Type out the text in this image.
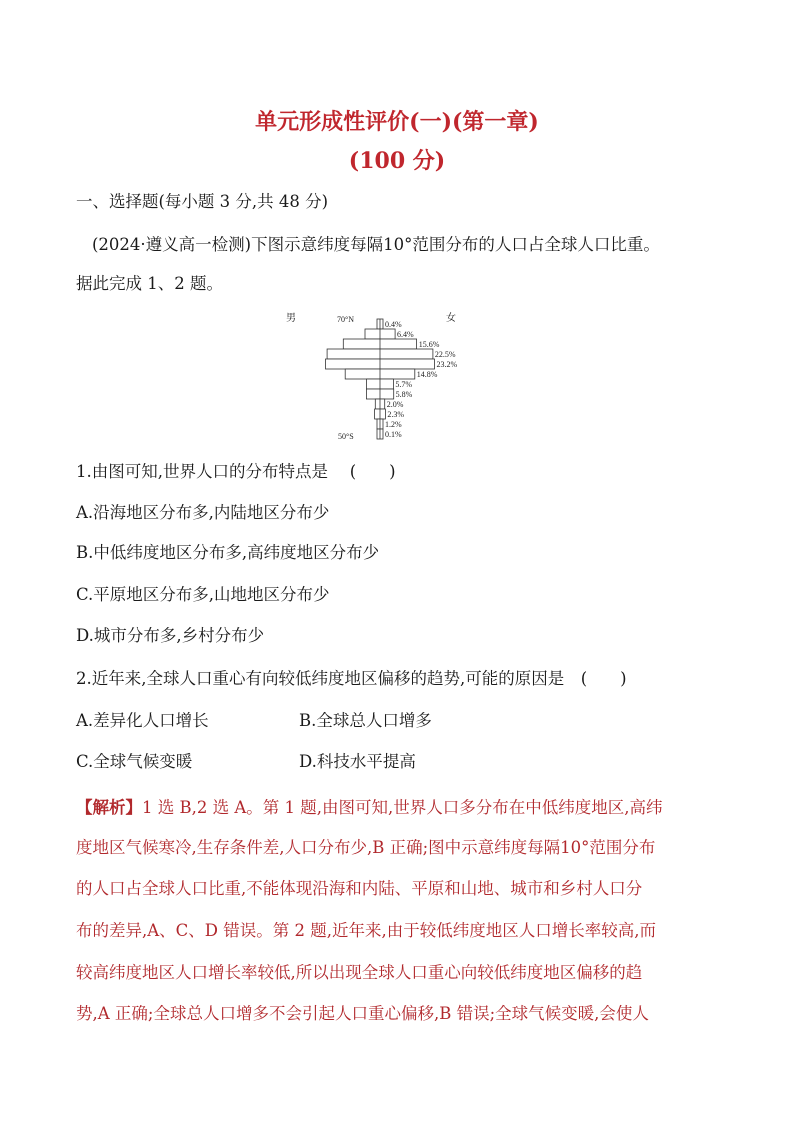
单元形成性评价(一)(第一章)
(100 分)
一、选择题(每小题 3 分,共 48 分)
(2024·遵义高一检测)下图示意纬度每隔10°范围分布的人口占全球人口比重。
据此完成 1、2 题。
男	女
70°N
50°S
0.4%
6.4%
15.6%
22.5%
23.2%
14.8%
5.7%
5.8%
2.0%
2.3%
1.2%
0.1%
1.由图可知,世界人口的分布特点是　 (　　)
A.沿海地区分布多,内陆地区分布少
B.中低纬度地区分布多,高纬度地区分布少
C.平原地区分布多,山地地区分布少
D.城市分布多,乡村分布少
2.近年来,全球人口重心有向较低纬度地区偏移的趋势,可能的原因是　(　　)
A.差异化人口增长	B.全球总人口增多
C.全球气候变暖	D.科技水平提高
【解析】1 选 B,2 选 A。第 1 题,由图可知,世界人口多分布在中低纬度地区,高纬
度地区气候寒冷,生存条件差,人口分布少,B 正确;图中示意纬度每隔10°范围分布
的人口占全球人口比重,不能体现沿海和内陆、平原和山地、城市和乡村人口分
布的差异,A、C、D 错误。第 2 题,近年来,由于较低纬度地区人口增长率较高,而
较高纬度地区人口增长率较低,所以出现全球人口重心向较低纬度地区偏移的趋
势,A 正确;全球总人口增多不会引起人口重心偏移,B 错误;全球气候变暖,会使人
